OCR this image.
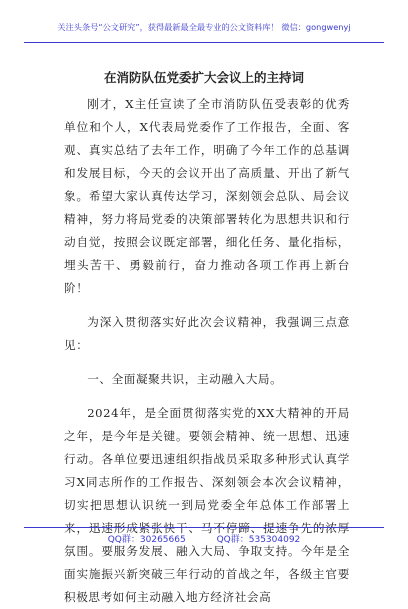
关注头条号“公文研究”，获得最新最全最专业的公文资料库！ 微信：gongwenyj
在消防队伍党委扩大会议上的主持词

刚才，X主任宣读了全市消防队伍受表彰的优秀单位和个人，X代表局党委作了工作报告，全面、客观、真实总结了去年工作，明确了今年工作的总基调和发展目标，今天的会议开出了高质量、开出了新气象。希望大家认真传达学习，深刻领会总队、局会议精神，努力将局党委的决策部署转化为思想共识和行动自觉，按照会议既定部署，细化任务、量化指标，埋头苦干、勇毅前行，奋力推动各项工作再上新台阶！

为深入贯彻落实好此次会议精神，我强调三点意见：

一、全面凝聚共识，主动融入大局。

2024年，是全面贯彻落实党的XX大精神的开局之年，是今年是关键。要领会精神、统一思想、迅速行动。各单位要迅速组织指战员采取多种形式认真学习X同志所作的工作报告、深刻领会本次会议精神，切实把思想认识统一到局党委全年总体工作部署上来，迅速形成紧张快干、马不停蹄、提速争先的浓厚氛围。要服务发展、融入大局、争取支持。今年是全面实施振兴新突破三年行动的首战之年，各级主官要积极思考如何主动融入地方经济社会高

QQ群：30265665	QQ群：535304092
